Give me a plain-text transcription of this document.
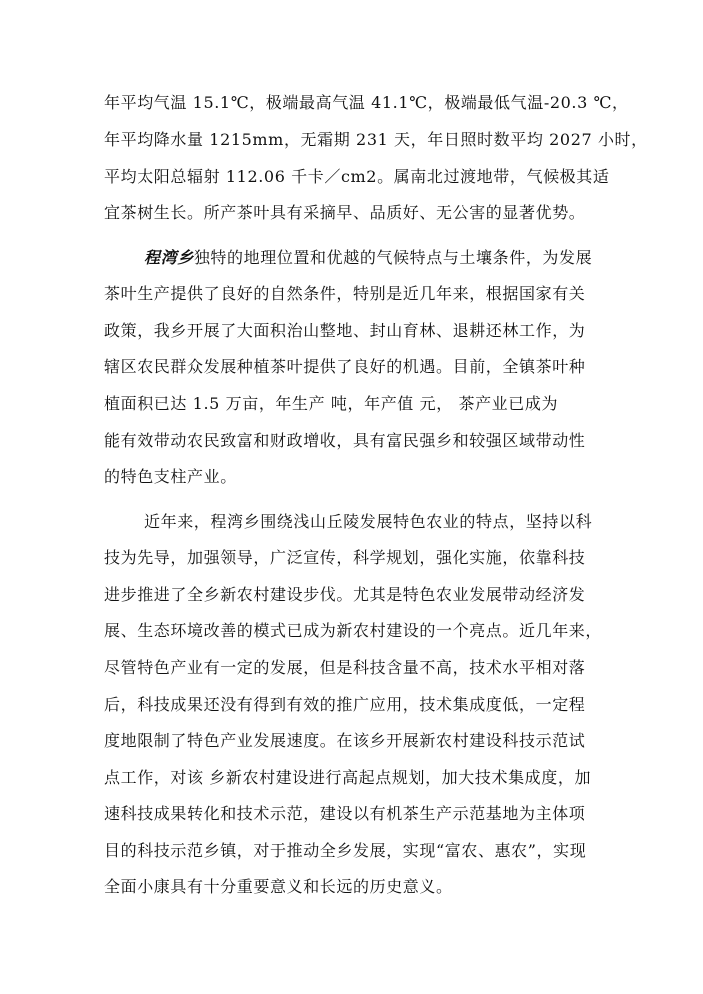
年平均气温 15.1℃，极端最高气温 41.1℃，极端最低气温-20.3 ℃，
年平均降水量 1215mm，无霜期 231 天，年日照时数平均 2027 小时，
平均太阳总辐射 112.06 千卡／cm2。属南北过渡地带，气候极其适
宜茶树生长。所产茶叶具有采摘早、品质好、无公害的显著优势。
程湾乡独特的地理位置和优越的气候特点与土壤条件，为发展
茶叶生产提供了良好的自然条件，特别是近几年来，根据国家有关
政策，我乡开展了大面积治山整地、封山育林、退耕还林工作，为
辖区农民群众发展种植茶叶提供了良好的机遇。目前，全镇茶叶种
植面积已达 1.5 万亩，年生产 吨，年产值 元， 茶产业已成为
能有效带动农民致富和财政增收，具有富民强乡和较强区域带动性
的特色支柱产业。
近年来，程湾乡围绕浅山丘陵发展特色农业的特点，坚持以科
技为先导，加强领导，广泛宣传，科学规划，强化实施，依靠科技
进步推进了全乡新农村建设步伐。尤其是特色农业发展带动经济发
展、生态环境改善的模式已成为新农村建设的一个亮点。近几年来，
尽管特色产业有一定的发展，但是科技含量不高，技术水平相对落
后，科技成果还没有得到有效的推广应用，技术集成度低，一定程
度地限制了特色产业发展速度。在该乡开展新农村建设科技示范试
点工作，对该 乡新农村建设进行高起点规划，加大技术集成度，加
速科技成果转化和技术示范，建设以有机茶生产示范基地为主体项
目的科技示范乡镇，对于推动全乡发展，实现“富农、惠农”，实现
全面小康具有十分重要意义和长远的历史意义。
